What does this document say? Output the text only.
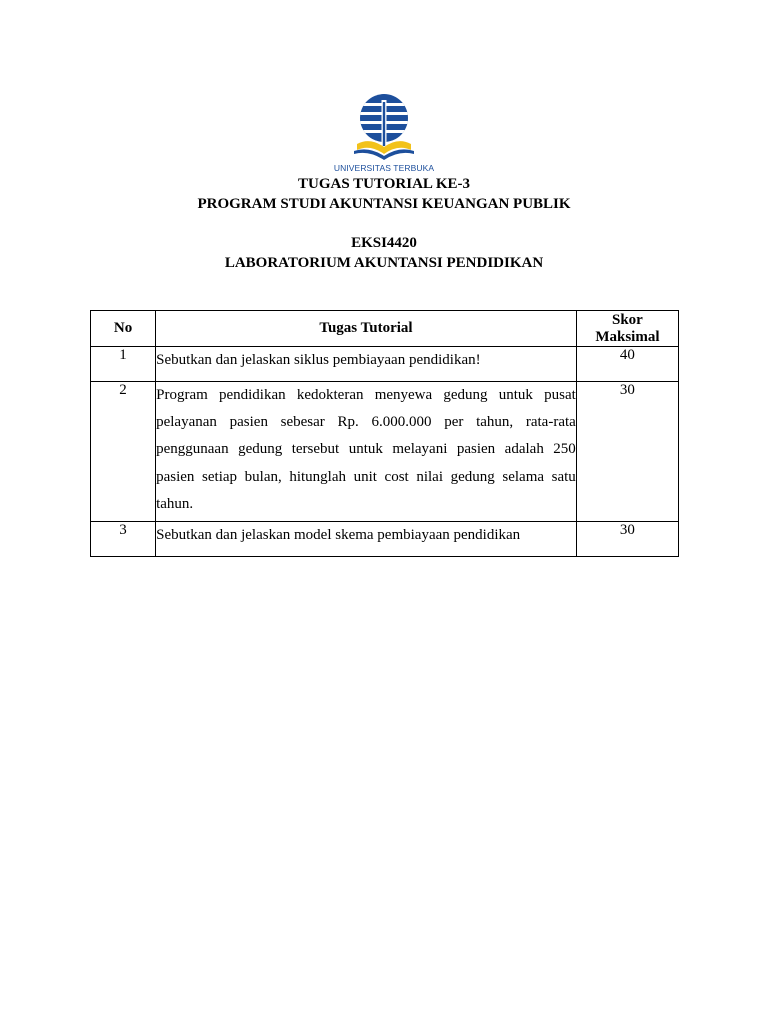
UNIVERSITAS TERBUKA
TUGAS TUTORIAL KE-3
PROGRAM STUDI AKUNTANSI KEUANGAN PUBLIK
EKSI4420
LABORATORIUM AKUNTANSI PENDIDIKAN
No	Tugas Tutorial	Skor
Maksimal

1	Sebutkan dan jelaskan siklus pembiayaan pendidikan!	40
2	Program pendidikan kedokteran menyewa gedung untuk pusat pelayanan pasien sebesar Rp. 6.000.000 per tahun, rata-rata penggunaan gedung tersebut untuk melayani pasien adalah 250 pasien setiap bulan, hitunglah unit cost nilai gedung selama satu tahun.	30
3	Sebutkan dan jelaskan model skema pembiayaan pendidikan	30
